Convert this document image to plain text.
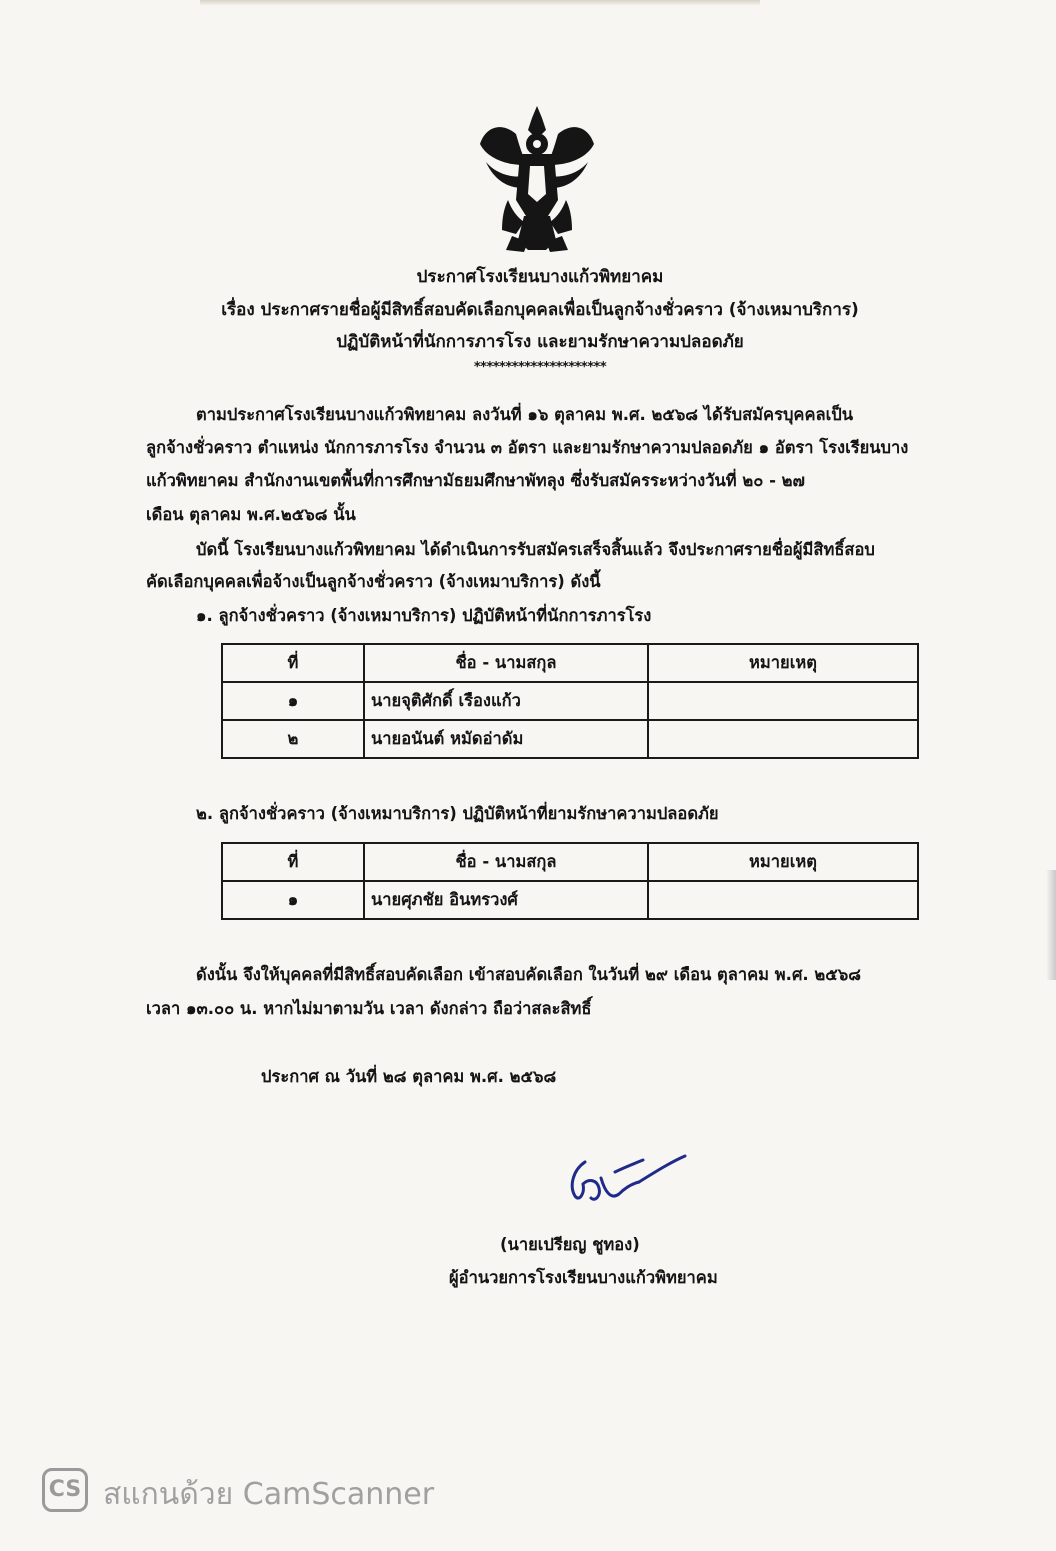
ประกาศโรงเรียนบางแก้วพิทยาคม
เรื่อง ประกาศรายชื่อผู้มีสิทธิ์สอบคัดเลือกบุคคลเพื่อเป็นลูกจ้างชั่วคราว (จ้างเหมาบริการ)
ปฏิบัติหน้าที่นักการภารโรง และยามรักษาความปลอดภัย
*********************
ตามประกาศโรงเรียนบางแก้วพิทยาคม ลงวันที่ ๑๖ ตุลาคม พ.ศ. ๒๕๖๘ ได้รับสมัครบุคคลเป็น
ลูกจ้างชั่วคราว ตำแหน่ง นักการภารโรง จำนวน ๓ อัตรา และยามรักษาความปลอดภัย ๑ อัตรา โรงเรียนบาง
แก้วพิทยาคม สำนักงานเขตพื้นที่การศึกษามัธยมศึกษาพัทลุง ซึ่งรับสมัครระหว่างวันที่ ๒๐ - ๒๗
เดือน ตุลาคม พ.ศ.๒๕๖๘ นั้น
บัดนี้ โรงเรียนบางแก้วพิทยาคม ได้ดำเนินการรับสมัครเสร็จสิ้นแล้ว จึงประกาศรายชื่อผู้มีสิทธิ์สอบ
คัดเลือกบุคคลเพื่อจ้างเป็นลูกจ้างชั่วคราว (จ้างเหมาบริการ) ดังนี้
๑. ลูกจ้างชั่วคราว (จ้างเหมาบริการ) ปฏิบัติหน้าที่นักการภารโรง
ที่	ชื่อ - นามสกุล	หมายเหตุ
๑	นายจุติศักดิ์ เรืองแก้ว	
๒	นายอนันต์ หมัดอ่าดัม	
๒. ลูกจ้างชั่วคราว (จ้างเหมาบริการ) ปฏิบัติหน้าที่ยามรักษาความปลอดภัย
ที่	ชื่อ - นามสกุล	หมายเหตุ
๑	นายศุภชัย อินทรวงศ์	
ดังนั้น จึงให้บุคคลที่มีสิทธิ์สอบคัดเลือก เข้าสอบคัดเลือก ในวันที่ ๒๙ เดือน ตุลาคม พ.ศ. ๒๕๖๘
เวลา ๑๓.๐๐ น. หากไม่มาตามวัน เวลา ดังกล่าว ถือว่าสละสิทธิ์
ประกาศ ณ วันที่ ๒๘ ตุลาคม พ.ศ. ๒๕๖๘
(นายเปรียญ ชูทอง)
ผู้อำนวยการโรงเรียนบางแก้วพิทยาคม
CS สแกนด้วย CamScanner
